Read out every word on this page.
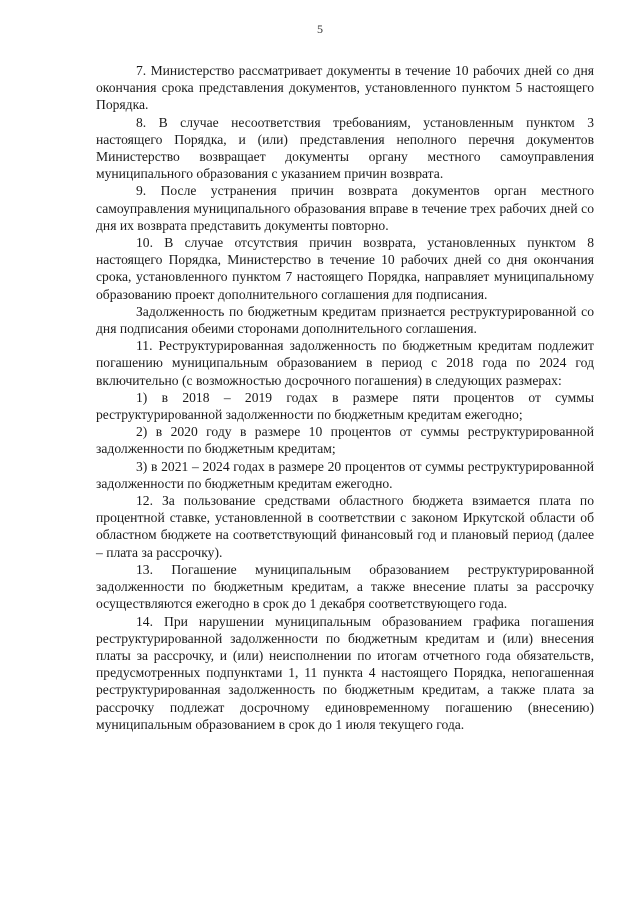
5

7. Министерство рассматривает документы в течение 10 рабочих дней со дня окончания срока представления документов, установленного пунктом 5 настоящего Порядка.

8. В случае несоответствия требованиям, установленным пунктом 3 настоящего Порядка, и (или) представления неполного перечня документов Министерство возвращает документы органу местного самоуправления муниципального образования с указанием причин возврата.

9. После устранения причин возврата документов орган местного самоуправления муниципального образования вправе в течение трех рабочих дней со дня их возврата представить документы повторно.

10. В случае отсутствия причин возврата, установленных пунктом 8 настоящего Порядка, Министерство в течение 10 рабочих дней со дня окончания срока, установленного пунктом 7 настоящего Порядка, направляет муниципальному образованию проект дополнительного соглашения для подписания.

Задолженность по бюджетным кредитам признается реструктурированной со дня подписания обеими сторонами дополнительного соглашения.

11. Реструктурированная задолженность по бюджетным кредитам подлежит погашению муниципальным образованием в период с 2018 года по 2024 год включительно (с возможностью досрочного погашения) в следующих размерах:

1) в 2018 – 2019 годах в размере пяти процентов от суммы реструктурированной задолженности по бюджетным кредитам ежегодно;

2) в 2020 году в размере 10 процентов от суммы реструктурированной задолженности по бюджетным кредитам;

3) в 2021 – 2024 годах в размере 20 процентов от суммы реструктурированной задолженности по бюджетным кредитам ежегодно.

12. За пользование средствами областного бюджета взимается плата по процентной ставке, установленной в соответствии с законом Иркутской области об областном бюджете на соответствующий финансовый год и плановый период (далее – плата за рассрочку).

13. Погашение муниципальным образованием реструктурированной задолженности по бюджетным кредитам, а также внесение платы за рассрочку осуществляются ежегодно в срок до 1 декабря соответствующего года.

14. При нарушении муниципальным образованием графика погашения реструктурированной задолженности по бюджетным кредитам и (или) внесения платы за рассрочку, и (или) неисполнении по итогам отчетного года обязательств, предусмотренных подпунктами 1, 11 пункта 4 настоящего Порядка, непогашенная реструктурированная задолженность по бюджетным кредитам, а также плата за рассрочку подлежат досрочному единовременному погашению (внесению) муниципальным образованием в срок до 1 июля текущего года.
